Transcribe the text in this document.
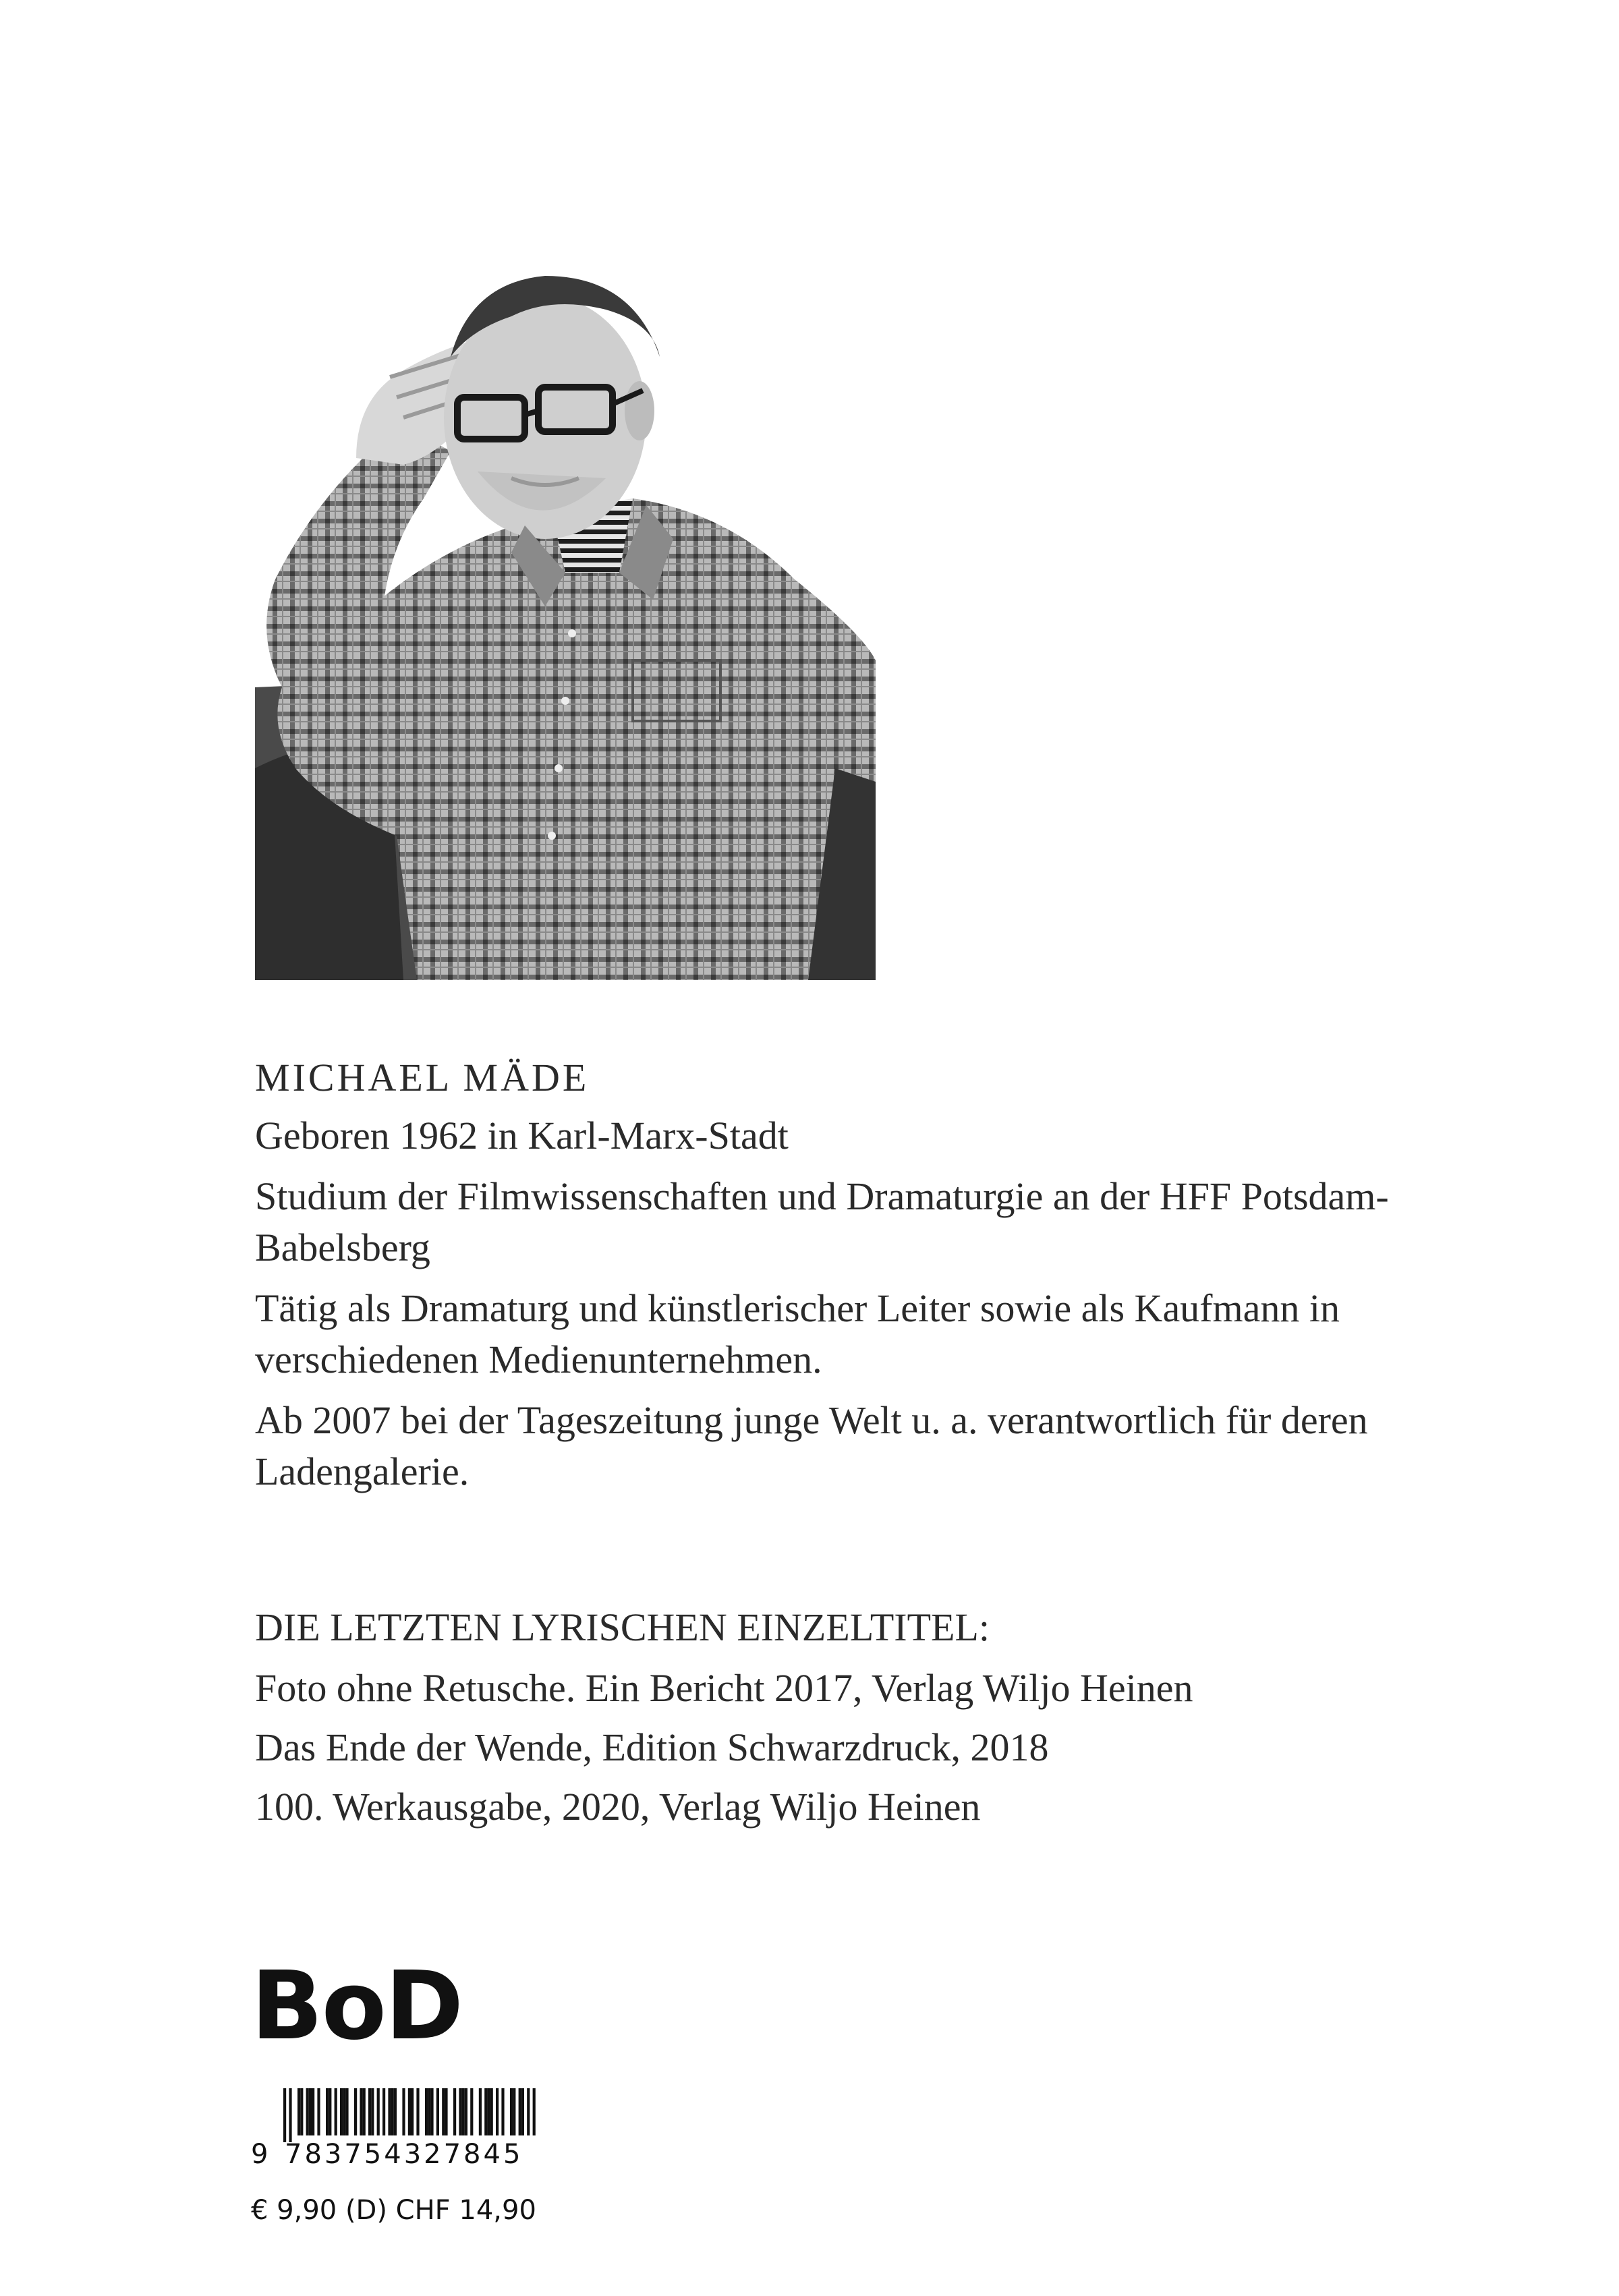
MICHAEL MÄDE

Geboren 1962 in Karl-Marx-Stadt

Studium der Filmwissenschaften und Dramaturgie an der HFF Potsdam- Babelsberg

Tätig als Dramaturg und künstlerischer Leiter sowie als Kaufmann in verschiedenen Medienunternehmen.

Ab 2007 bei der Tageszeitung junge Welt u. a. verantwortlich für deren Ladengalerie.

DIE LETZTEN LYRISCHEN EINZELTITEL:

Foto ohne Retusche. Ein Bericht 2017, Verlag Wiljo Heinen

Das Ende der Wende, Edition Schwarzdruck, 2018

100. Werkausgabe, 2020, Verlag Wiljo Heinen

BoD
9 783754327845
€ 9,90 (D) CHF 14,90
